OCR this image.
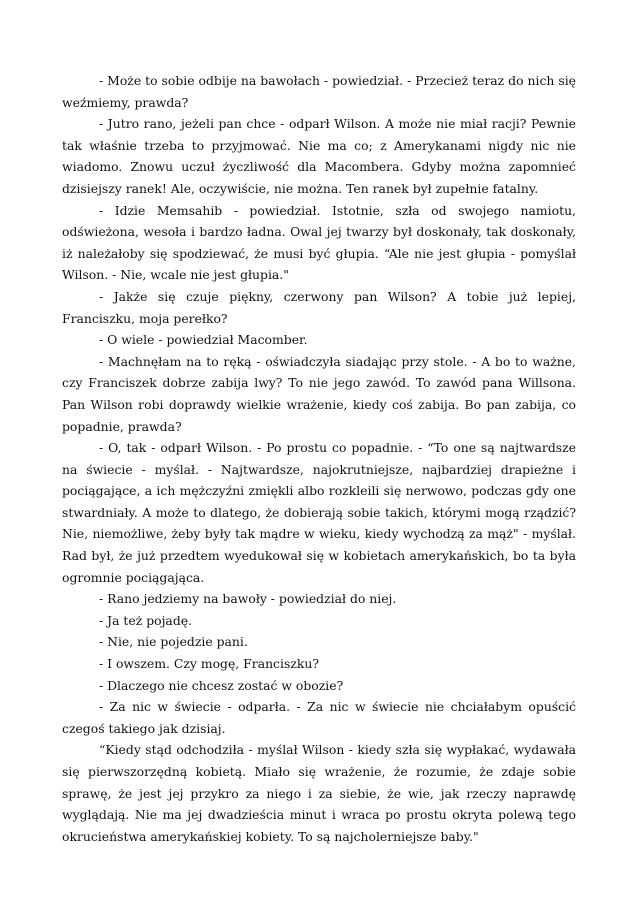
- Może to sobie odbije na bawołach - powiedział. - Przecież teraz do nich się weźmiemy, prawda?

- Jutro rano, jeżeli pan chce - odparł Wilson. A może nie miał racji? Pewnie tak właśnie trzeba to przyjmować. Nie ma co; z Amerykanami nigdy nic nie wiadomo. Znowu uczuł życzliwość dla Macombera. Gdyby można zapomnieć dzisiejszy ranek! Ale, oczywiście, nie można. Ten ranek był zupełnie fatalny.

- Idzie Memsahib - powiedział. Istotnie, szła od swojego namiotu, odświeżona, wesoła i bardzo ładna. Owal jej twarzy był doskonały, tak doskonały, iż należałoby się spodziewać, że musi być głupia. “Ale nie jest głupia - pomyślał Wilson. - Nie, wcale nie jest głupia."

- Jakże się czuje piękny, czerwony pan Wilson? A tobie już lepiej, Franciszku, moja perełko?

- O wiele - powiedział Macomber.

- Machnęłam na to ręką - oświadczyła siadając przy stole. - A bo to ważne, czy Franciszek dobrze zabija lwy? To nie jego zawód. To zawód pana Willsona. Pan Wilson robi doprawdy wielkie wrażenie, kiedy coś zabija. Bo pan zabija, co popadnie, prawda?

- O, tak - odparł Wilson. - Po prostu co popadnie. - “To one są najtwardsze na świecie - myślał. - Najtwardsze, najokrutniejsze, najbardziej drapieżne i pociągające, a ich mężczyźni zmiękli albo rozkleili się nerwowo, podczas gdy one stwardniały. A może to dlatego, że dobierają sobie takich, którymi mogą rządzić? Nie, niemożliwe, żeby były tak mądre w wieku, kiedy wychodzą za mąż" - myślał. Rad był, że już przedtem wyedukował się w kobietach amerykańskich, bo ta była ogromnie pociągająca.

- Rano jedziemy na bawoły - powiedział do niej.

- Ja też pojadę.

- Nie, nie pojedzie pani.

- I owszem. Czy mogę, Franciszku?

- Dlaczego nie chcesz zostać w obozie?

- Za nic w świecie - odparła. - Za nic w świecie nie chciałabym opuścić czegoś takiego jak dzisiaj.

“Kiedy stąd odchodziła - myślał Wilson - kiedy szła się wypłakać, wydawała się pierwszorzędną kobietą. Miało się wrażenie, że rozumie, że zdaje sobie sprawę, że jest jej przykro za niego i za siebie, że wie, jak rzeczy naprawdę wyglądają. Nie ma jej dwadzieścia minut i wraca po prostu okryta polewą tego okrucieństwa amerykańskiej kobiety. To są najcholerniejsze baby."
